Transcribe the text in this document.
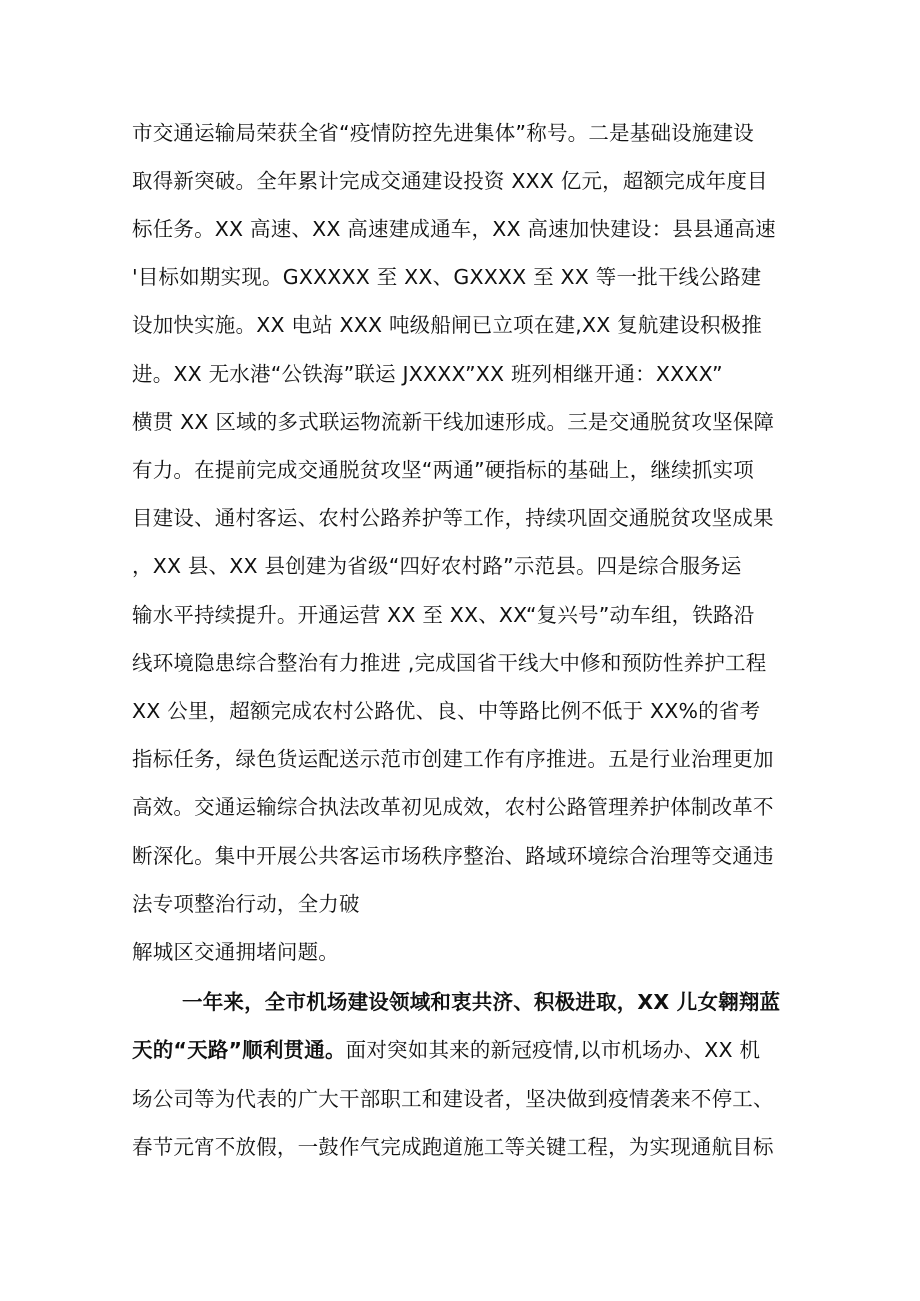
市交通运输局荣获全省“疫情防控先进集体”称号。二是基础设施建设
取得新突破。全年累计完成交通建设投资 XXX 亿元，超额完成年度目
标任务。XX 高速、XX 高速建成通车，XX 高速加快建设：县县通高速
'目标如期实现。GXXXXX 至 XX、GXXXX 至 XX 等一批干线公路建
设加快实施。XX 电站 XXX 吨级船闸已立项在建,XX 复航建设积极推
进。XX 无水港“公铁海”联运 JXXXX”XX 班列相继开通：XXXX”
横贯 XX 区域的多式联运物流新干线加速形成。三是交通脱贫攻坚保障
有力。在提前完成交通脱贫攻坚“两通”硬指标的基础上，继续抓实项
目建设、通村客运、农村公路养护等工作，持续巩固交通脱贫攻坚成果
，XX 县、XX 县创建为省级“四好农村路”示范县。四是综合服务运
输水平持续提升。开通运营 XX 至 XX、XX“复兴号”动车组，铁路沿
线环境隐患综合整治有力推进 ,完成国省干线大中修和预防性养护工程
XX 公里，超额完成农村公路优、良、中等路比例不低于 XX%的省考
指标任务，绿色货运配送示范市创建工作有序推进。五是行业治理更加
高效。交通运输综合执法改革初见成效，农村公路管理养护体制改革不
断深化。集中开展公共客运市场秩序整治、路域环境综合治理等交通违
法专项整治行动，全力破
解城区交通拥堵问题。
一年来，全市机场建设领域和衷共济、积极进取，XX 儿女翱翔蓝
天的“天路”顺利贯通。面对突如其来的新冠疫情,以市机场办、XX 机
场公司等为代表的广大干部职工和建设者，坚决做到疫情袭来不停工、
春节元宵不放假，一鼓作气完成跑道施工等关键工程，为实现通航目标
